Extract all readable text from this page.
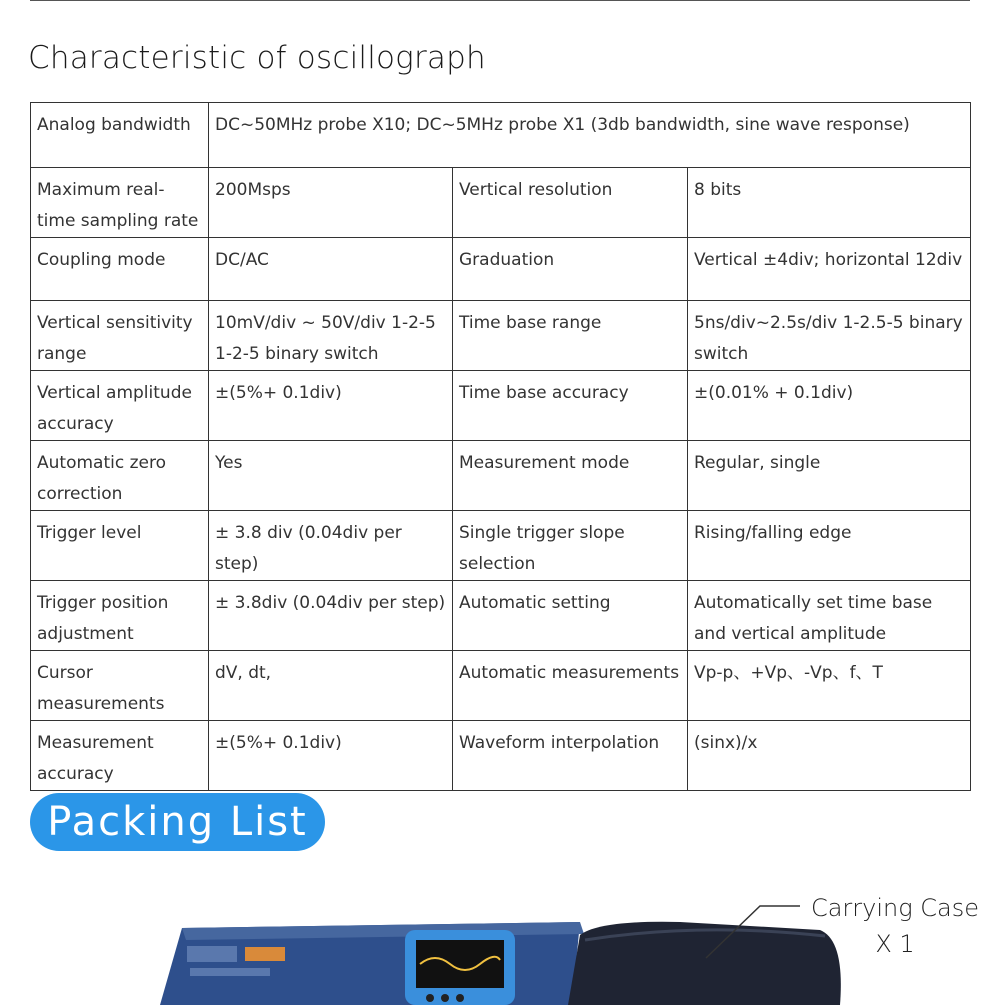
Characteristic of oscillograph
Analog bandwidth	DC~50MHz probe X10; DC~5MHz probe X1 (3db bandwidth, sine wave response)		
Maximum real-time sampling rate	200Msps	Vertical resolution	8 bits
Coupling mode	DC/AC	Graduation	Vertical ±4div; horizontal 12div
Vertical sensitivity range	10mV/div ~ 50V/div 1-2-5 1-2-5 binary switch	Time base range	5ns/div~2.5s/div 1-2.5-5 binary switch
Vertical amplitude accuracy	±(5%+ 0.1div)	Time base accuracy	±(0.01% + 0.1div)
Automatic zero correction	Yes	Measurement mode	Regular, single
Trigger level	± 3.8 div (0.04div per step)	Single trigger slope selection	Rising/falling edge
Trigger position adjustment	± 3.8div (0.04div per step)	Automatic setting	Automatically set time base and vertical amplitude
Cursor measurements	dV, dt,	Automatic measurements	Vp-p、+Vp、-Vp、f、T
Measurement accuracy	±(5%+ 0.1div)	Waveform interpolation	(sinx)/x
Packing List
Carrying Case
X 1
